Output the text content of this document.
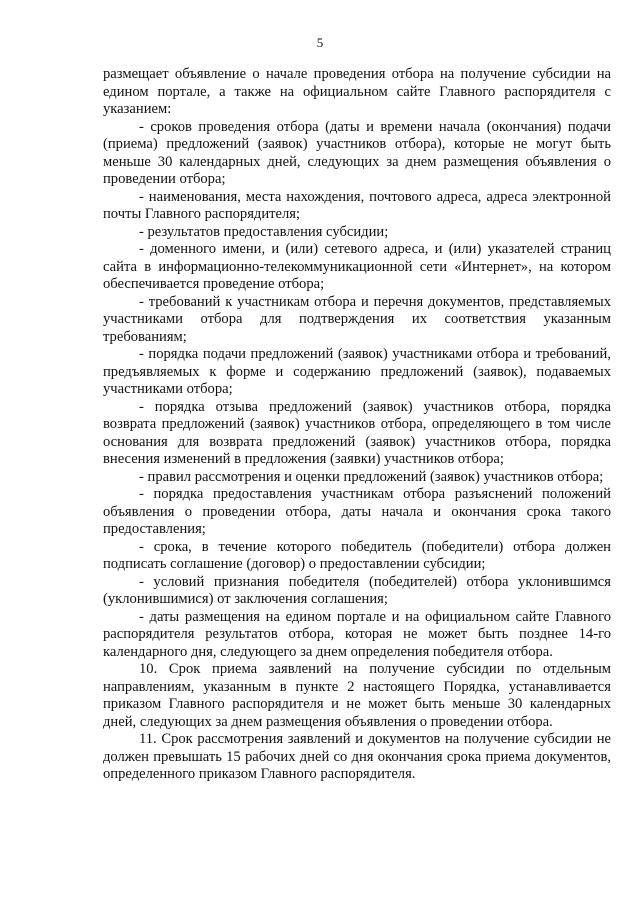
5

размещает объявление о начале проведения отбора на получение субсидии на едином портале, а также на официальном сайте Главного распорядителя с указанием:

- сроков проведения отбора (даты и времени начала (окончания) подачи (приема) предложений (заявок) участников отбора), которые не могут быть меньше 30 календарных дней, следующих за днем размещения объявления о проведении отбора;

- наименования, места нахождения, почтового адреса, адреса электронной почты Главного распорядителя;

- результатов предоставления субсидии;

- доменного имени, и (или) сетевого адреса, и (или) указателей страниц сайта в информационно-телекоммуникационной сети «Интернет», на котором обеспечивается проведение отбора;

- требований к участникам отбора и перечня документов, представляемых участниками отбора для подтверждения их соответствия указанным требованиям;

- порядка подачи предложений (заявок) участниками отбора и требований, предъявляемых к форме и содержанию предложений (заявок), подаваемых участниками отбора;

- порядка отзыва предложений (заявок) участников отбора, порядка возврата предложений (заявок) участников отбора, определяющего в том числе основания для возврата предложений (заявок) участников отбора, порядка внесения изменений в предложения (заявки) участников отбора;

- правил рассмотрения и оценки предложений (заявок) участников отбора;

- порядка предоставления участникам отбора разъяснений положений объявления о проведении отбора, даты начала и окончания срока такого предоставления;

- срока, в течение которого победитель (победители) отбора должен подписать соглашение (договор) о предоставлении субсидии;

- условий признания победителя (победителей) отбора уклонившимся (уклонившимися) от заключения соглашения;

- даты размещения на едином портале и на официальном сайте Главного распорядителя результатов отбора, которая не может быть позднее 14-го календарного дня, следующего за днем определения победителя отбора.

10. Срок приема заявлений на получение субсидии по отдельным направлениям, указанным в пункте 2 настоящего Порядка, устанавливается приказом Главного распорядителя и не может быть меньше 30 календарных дней, следующих за днем размещения объявления о проведении отбора.

11. Срок рассмотрения заявлений и документов на получение субсидии не должен превышать 15 рабочих дней со дня окончания срока приема документов, определенного приказом Главного распорядителя.
